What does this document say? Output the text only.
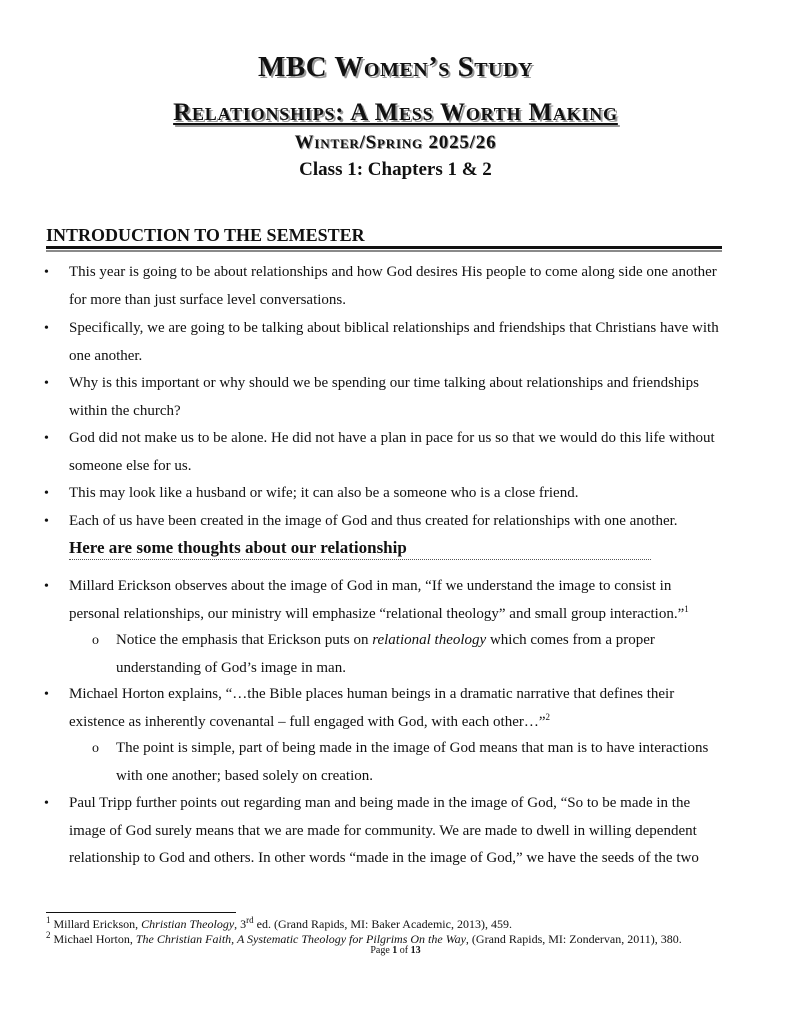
MBC Women’s Study
Relationships: A Mess Worth Making
Winter/Spring 2025/26
Class 1: Chapters 1 & 2
INTRODUCTION TO THE SEMESTER
• This year is going to be about relationships and how God desires His people to come along side one another
for more than just surface level conversations.
• Specifically, we are going to be talking about biblical relationships and friendships that Christians have with
one another.
• Why is this important or why should we be spending our time talking about relationships and friendships
within the church?
• God did not make us to be alone. He did not have a plan in pace for us so that we would do this life without
someone else for us.
• This may look like a husband or wife; it can also be a someone who is a close friend.
• Each of us have been created in the image of God and thus created for relationships with one another.
Here are some thoughts about our relationship
• Millard Erickson observes about the image of God in man, “If we understand the image to consist in
personal relationships, our ministry will emphasize “relational theology” and small group interaction.”$^1$
o Notice the emphasis that Erickson puts on relational theology which comes from a proper
understanding of God’s image in man.
• Michael Horton explains, “…the Bible places human beings in a dramatic narrative that defines their
existence as inherently covenantal – full engaged with God, with each other…”$^2$
o The point is simple, part of being made in the image of God means that man is to have interactions
with one another; based solely on creation.
• Paul Tripp further points out regarding man and being made in the image of God, “So to be made in the
image of God surely means that we are made for community. We are made to dwell in willing dependent
relationship to God and others. In other words “made in the image of God,” we have the seeds of the two
$^1$ Millard Erickson, Christian Theology, 3rd ed. (Grand Rapids, MI: Baker Academic, 2013), 459.
$^2$ Michael Horton, The Christian Faith, A Systematic Theology for Pilgrims On the Way, (Grand Rapids, MI: Zondervan, 2011), 380.
Page 1 of 13
